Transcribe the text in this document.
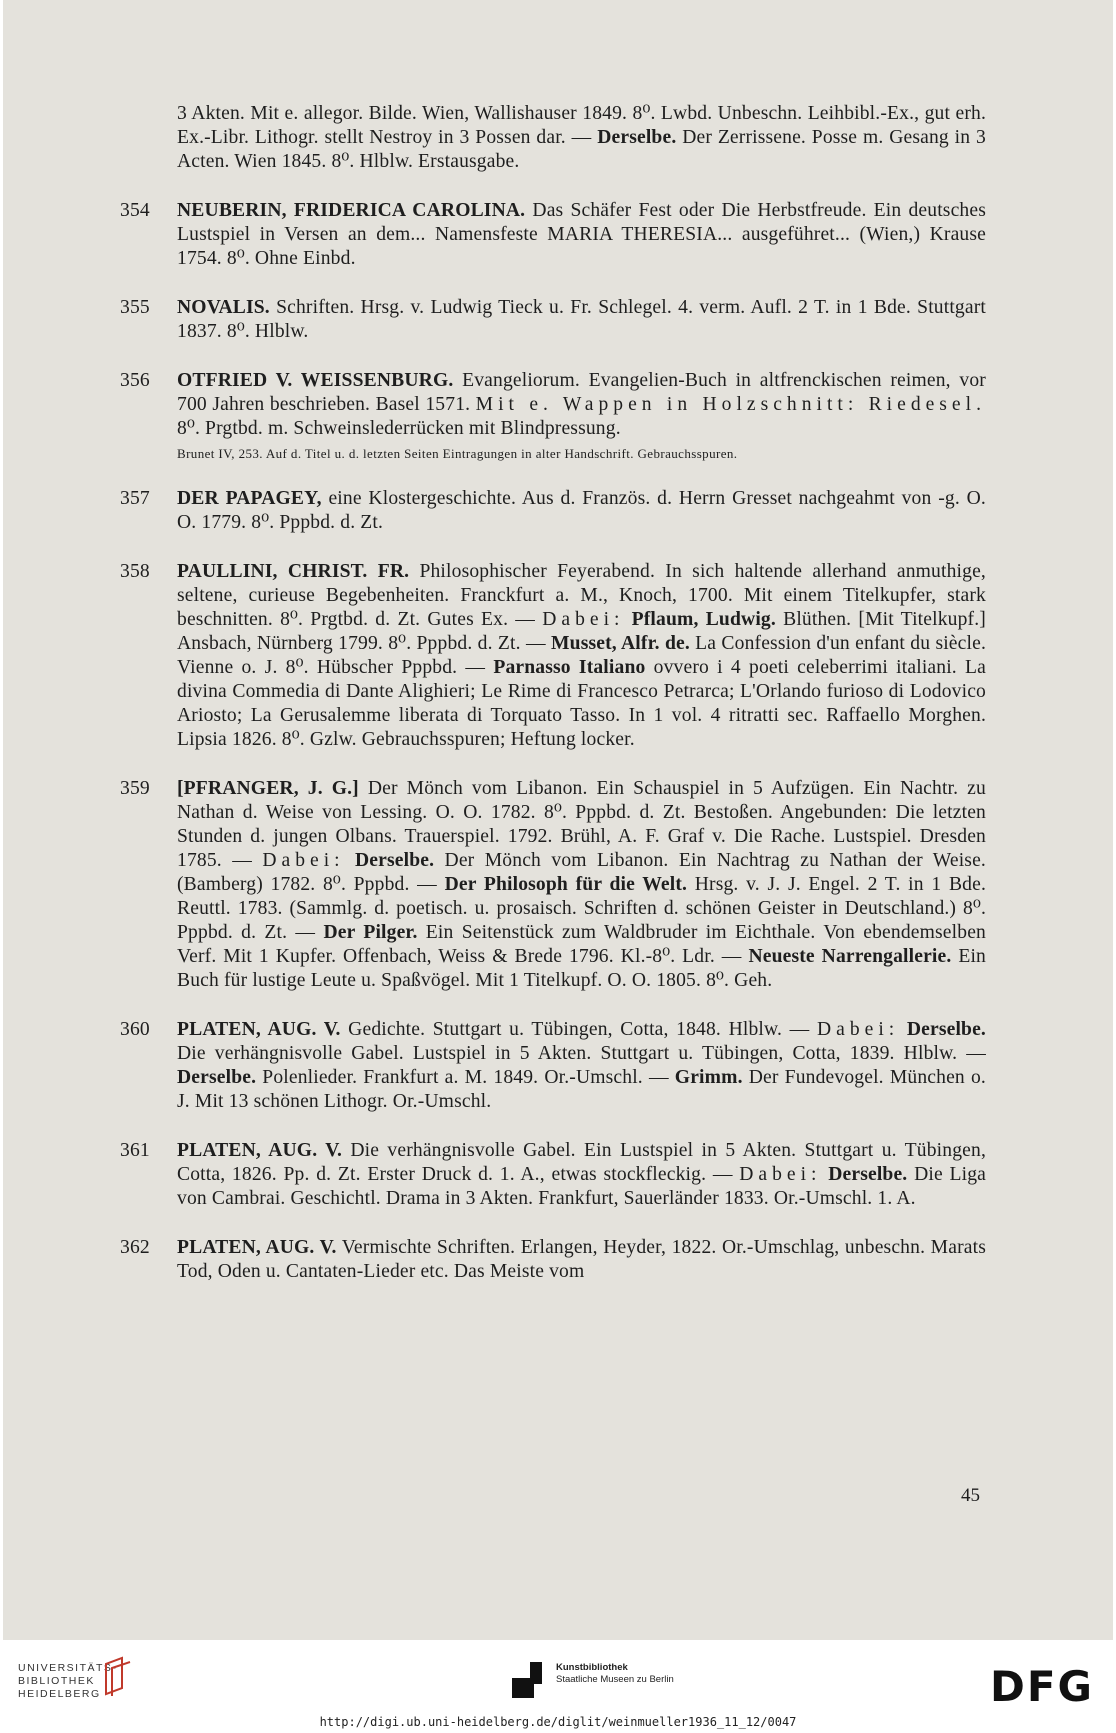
3 Akten. Mit e. allegor. Bilde. Wien, Wallishauser 1849. 8⁰. Lwbd. Unbeschn. Leihbibl.-Ex., gut erh. Ex.-Libr. Lithogr. stellt Nestroy in 3 Possen dar. — Derselbe. Der Zerrissene. Posse m. Gesang in 3 Acten. Wien 1845. 8⁰. Hlblw. Erstausgabe.

354 NEUBERIN, FRIDERICA CAROLINA. Das Schäfer Fest oder Die Herbstfreude. Ein deutsches Lustspiel in Versen an dem... Namensfeste MARIA THERESIA... ausgeführet... (Wien,) Krause 1754. 8⁰. Ohne Einbd.
355 NOVALIS. Schriften. Hrsg. v. Ludwig Tieck u. Fr. Schlegel. 4. verm. Aufl. 2 T. in 1 Bde. Stuttgart 1837. 8⁰. Hlblw.
356 OTFRIED V. WEISSENBURG. Evangeliorum. Evangelien-Buch in altfrenckischen reimen, vor 700 Jahren beschrieben. Basel 1571. Mit e. Wappen in Holzschnitt: Riedesel. 8⁰. Prgtbd. m. Schweinslederrücken mit Blindpressung.
Brunet IV, 253. Auf d. Titel u. d. letzten Seiten Eintragungen in alter Handschrift. Gebrauchsspuren.
357 DER PAPAGEY, eine Klostergeschichte. Aus d. Französ. d. Herrn Gresset nachgeahmt von -g. O. O. 1779. 8⁰. Pppbd. d. Zt.
358 PAULLINI, CHRIST. FR. Philosophischer Feyerabend. In sich haltende allerhand anmuthige, seltene, curieuse Begebenheiten. Franckfurt a. M., Knoch, 1700. Mit einem Titelkupfer, stark beschnitten. 8⁰. Prgtbd. d. Zt. Gutes Ex. — Dabei: Pflaum, Ludwig. Blüthen. [Mit Titelkupf.] Ansbach, Nürnberg 1799. 8⁰. Pppbd. d. Zt. — Musset, Alfr. de. La Confession d'un enfant du siècle. Vienne o. J. 8⁰. Hübscher Pppbd. — Parnasso Italiano ovvero i 4 poeti celeberrimi italiani. La divina Commedia di Dante Alighieri; Le Rime di Francesco Petrarca; L'Orlando furioso di Lodovico Ariosto; La Gerusalemme liberata di Torquato Tasso. In 1 vol. 4 ritratti sec. Raffaello Morghen. Lipsia 1826. 8⁰. Gzlw. Gebrauchsspuren; Heftung locker.
359 [PFRANGER, J. G.] Der Mönch vom Libanon. Ein Schauspiel in 5 Aufzügen. Ein Nachtr. zu Nathan d. Weise von Lessing. O. O. 1782. 8⁰. Pppbd. d. Zt. Bestoßen. Angebunden: Die letzten Stunden d. jungen Olbans. Trauerspiel. 1792. Brühl, A. F. Graf v. Die Rache. Lustspiel. Dresden 1785. — Dabei: Derselbe. Der Mönch vom Libanon. Ein Nachtrag zu Nathan der Weise. (Bamberg) 1782. 8⁰. Pppbd. — Der Philosoph für die Welt. Hrsg. v. J. J. Engel. 2 T. in 1 Bde. Reuttl. 1783. (Sammlg. d. poetisch. u. prosaisch. Schriften d. schönen Geister in Deutschland.) 8⁰. Pppbd. d. Zt. — Der Pilger. Ein Seitenstück zum Waldbruder im Eichthale. Von ebendemselben Verf. Mit 1 Kupfer. Offenbach, Weiss & Brede 1796. Kl.-8⁰. Ldr. — Neueste Narrengallerie. Ein Buch für lustige Leute u. Spaßvögel. Mit 1 Titelkupf. O. O. 1805. 8⁰. Geh.
360 PLATEN, AUG. V. Gedichte. Stuttgart u. Tübingen, Cotta, 1848. Hlblw. — Dabei: Derselbe. Die verhängnisvolle Gabel. Lustspiel in 5 Akten. Stuttgart u. Tübingen, Cotta, 1839. Hlblw. — Derselbe. Polenlieder. Frankfurt a. M. 1849. Or.-Umschl. — Grimm. Der Fundevogel. München o. J. Mit 13 schönen Lithogr. Or.-Umschl.
361 PLATEN, AUG. V. Die verhängnisvolle Gabel. Ein Lustspiel in 5 Akten. Stuttgart u. Tübingen, Cotta, 1826. Pp. d. Zt. Erster Druck d. 1. A., etwas stockfleckig. — Dabei: Derselbe. Die Liga von Cambrai. Geschichtl. Drama in 3 Akten. Frankfurt, Sauerländer 1833. Or.-Umschl. 1. A.
362 PLATEN, AUG. V. Vermischte Schriften. Erlangen, Heyder, 1822. Or.-Umschlag, unbeschn. Marats Tod, Oden u. Cantaten-Lieder etc. Das Meiste vom
45
UNIVERSITÄTS-
BIBLIOTHEK
HEIDELBERG
Kunstbibliothek
Staatliche Museen zu Berlin	DFG
http://digi.ub.uni-heidelberg.de/diglit/weinmueller1936_11_12/0047
